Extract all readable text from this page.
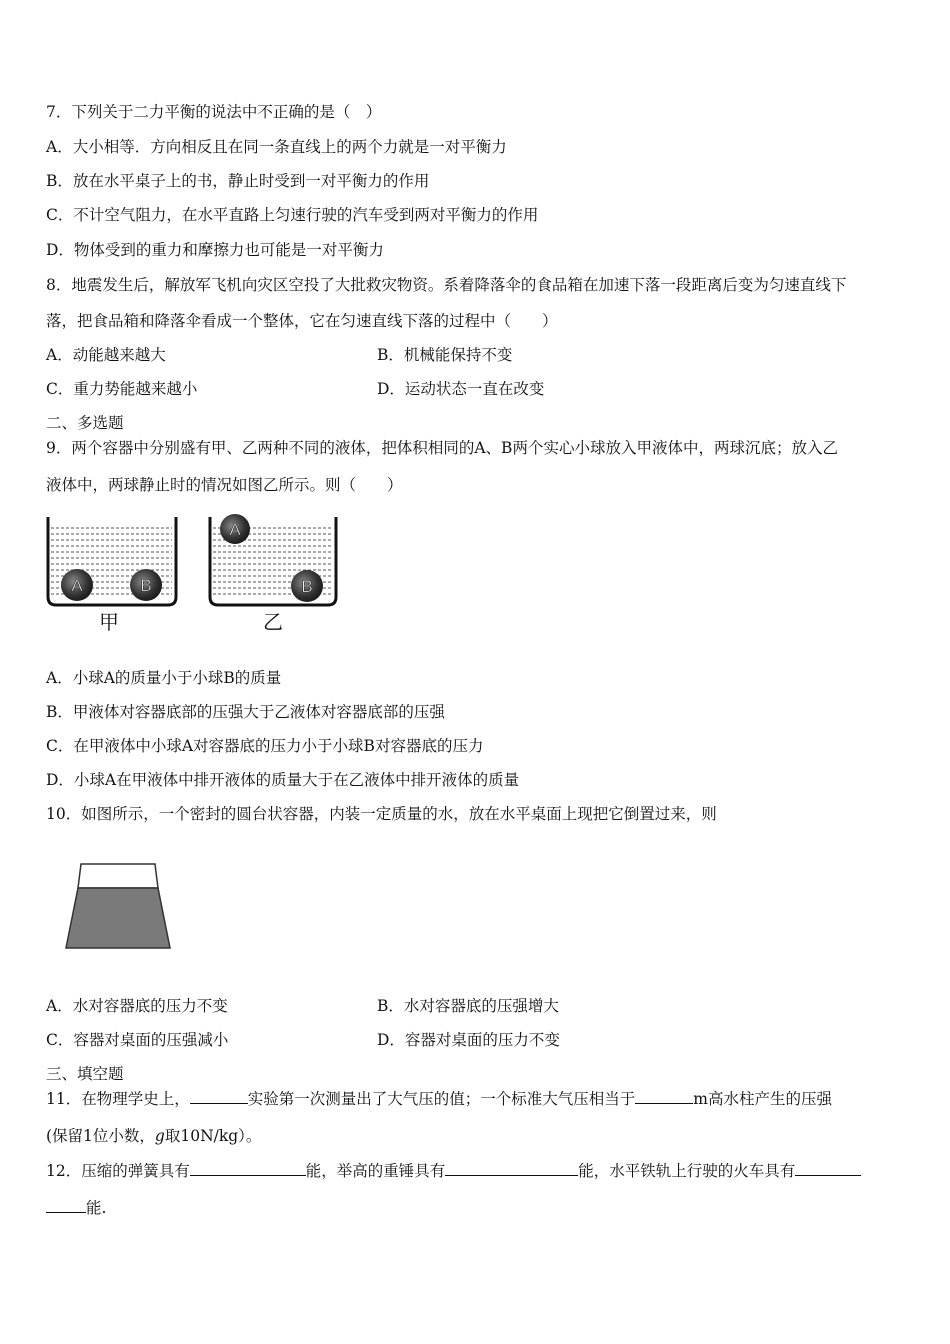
7．下列关于二力平衡的说法中不正确的是（　）
A．大小相等．方向相反且在同一条直线上的两个力就是一对平衡力
B．放在水平桌子上的书，静止时受到一对平衡力的作用
C．不计空气阻力，在水平直路上匀速行驶的汽车受到两对平衡力的作用
D．物体受到的重力和摩擦力也可能是一对平衡力
8．地震发生后，解放军飞机向灾区空投了大批救灾物资。系着降落伞的食品箱在加速下落一段距离后变为匀速直线下
落，把食品箱和降落伞看成一个整体，它在匀速直线下落的过程中（　　）
A．动能越来越大	B．机械能保持不变
C．重力势能越来越小	D．运动状态一直在改变
二、多选题
9．两个容器中分别盛有甲、乙两种不同的液体，把体积相同的A、B两个实心小球放入甲液体中，两球沉底；放入乙
液体中，两球静止时的情况如图乙所示。则（　　）
A	B
甲
A
B
乙
A．小球A的质量小于小球B的质量
B．甲液体对容器底部的压强大于乙液体对容器底部的压强
C．在甲液体中小球A对容器底的压力小于小球B对容器底的压力
D．小球A在甲液体中排开液体的质量大于在乙液体中排开液体的质量
10．如图所示，一个密封的圆台状容器，内装一定质量的水，放在水平桌面上现把它倒置过来，则
A．水对容器底的压力不变	B．水对容器底的压强增大
C．容器对桌面的压强减小	D．容器对桌面的压力不变
三、填空题
11．在物理学史上，	实验第一次测量出了大气压的值；一个标准大气压相当于	m高水柱产生的压强
(保留1位小数，g取10N/kg）。
12．压缩的弹簧具有	能，举高的重锤具有	能，水平铁轨上行驶的火车具有
能.
